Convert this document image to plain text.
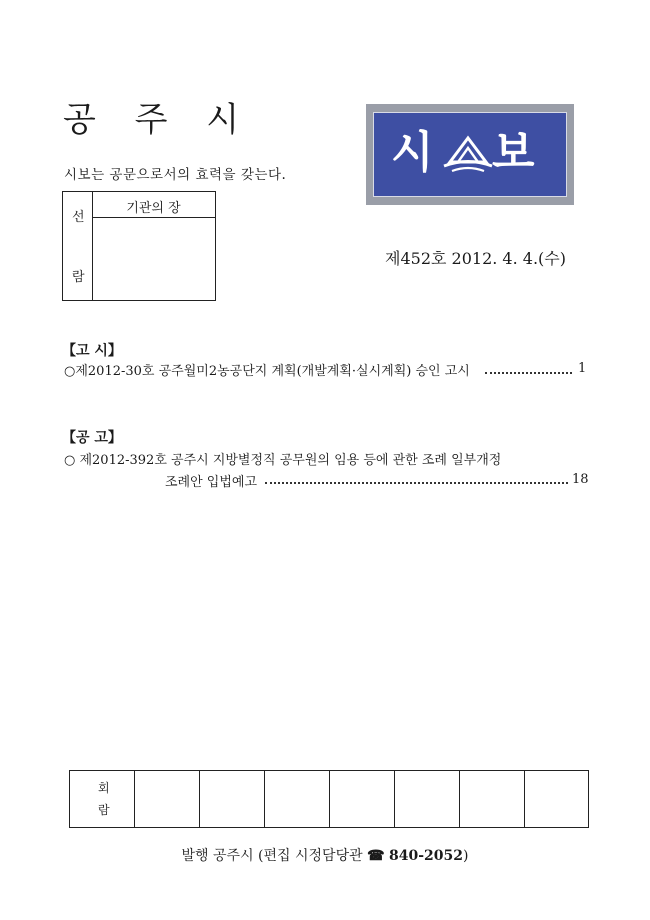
공 주 시
시보는 공문으로서의 효력을 갖는다.
선
람
기관의 장
시 보
제452호 2012. 4. 4.(수)
【고 시】
○제2012-30호 공주월미2농공단지 계획(개발계획·실시계획) 승인 고시	1
【공 고】
○ 제2012-392호 공주시 지방별정직 공무원의 임용 등에 관한 조례 일부개정
조례안 입법예고	18
회
람
발행 공주시 (편집 시정담당관 ☎ 840-2052)
